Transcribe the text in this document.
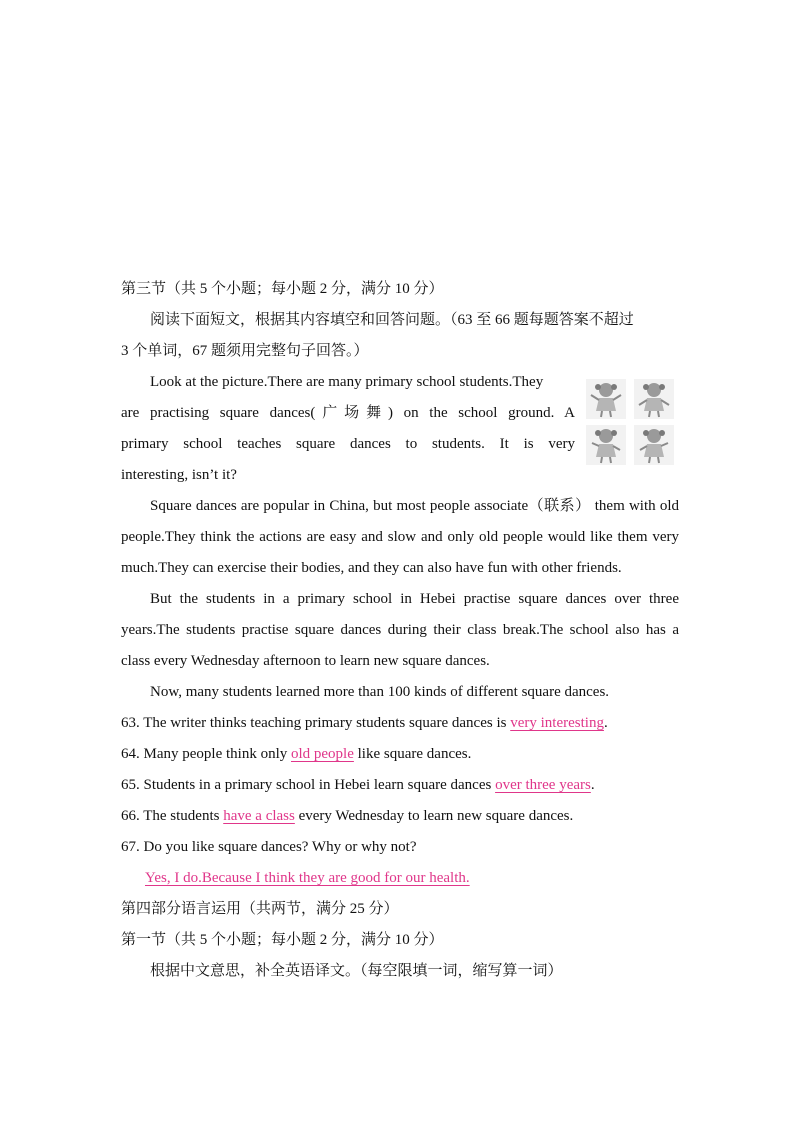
第三节（共 5 个小题；每小题 2 分，满分 10 分）

阅读下面短文，根据其内容填空和回答问题。（63 至 66 题每题答案不超过

3 个单词，67 题须用完整句子回答。）

Look at the picture.There are many primary school students.They

are practising square dances(广场舞) on the school ground. A

primary school teaches square dances to students. It is very

interesting, isn’t it?

Square dances are popular in China, but most people associate（联系） them with old people.They think the actions are easy and slow and only old people would like them very much.They can exercise their bodies, and they can also have fun with other friends.

But the students in a primary school in Hebei practise square dances over three years.The students practise square dances during their class break.The school also has a class every Wednesday afternoon to learn new square dances.

Now, many students learned more than 100 kinds of different square dances.

63. The writer thinks teaching primary students square dances is very interesting.

64. Many people think only old people like square dances.

65. Students in a primary school in Hebei learn square dances over three years.

66. The students have a class every Wednesday to learn new square dances.

67. Do you like square dances? Why or why not?

Yes, I do.Because I think they are good for our health.

第四部分语言运用（共两节，满分 25 分）

第一节（共 5 个小题；每小题 2 分，满分 10 分）

根据中文意思，补全英语译文。（每空限填一词，缩写算一词）
